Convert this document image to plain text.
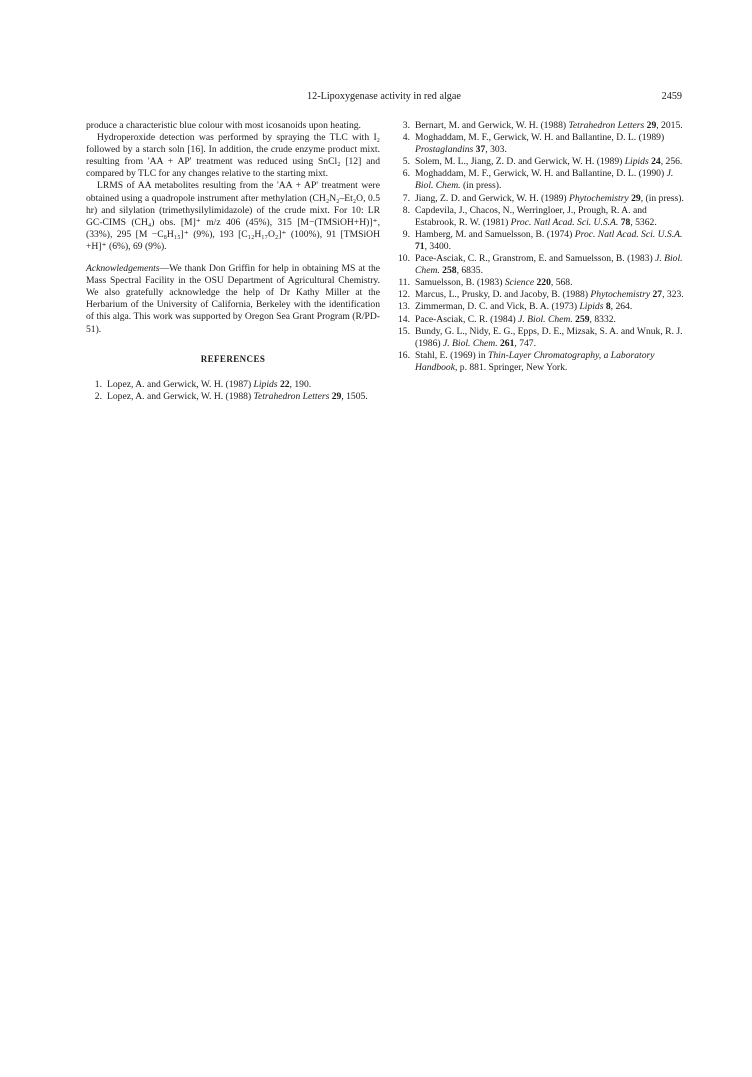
12-Lipoxygenase activity in red algae	2459

produce a characteristic blue colour with most icosanoids upon heating.

Hydroperoxide detection was performed by spraying the TLC with I₂ followed by a starch soln [16]. In addition, the crude enzyme product mixt. resulting from 'AA + AP' treatment was reduced using SnCl₂ [12] and compared by TLC for any changes relative to the starting mixt.

LRMS of AA metabolites resulting from the 'AA + AP' treatment were obtained using a quadropole instrument after methylation (CH₂N₂–Et₂O, 0.5 hr) and silylation (trimethysilylimidazole) of the crude mixt. For 10: LR GC-CIMS (CH₄) obs. [M]⁺ m/z 406 (45%), 315 [M−(TMSiOH+H)]⁺, (33%), 295 [M −C₈H₁₅]⁺ (9%), 193 [C₁₂H₁₇O₂]⁺ (100%), 91 [TMSiOH +H]⁺ (6%), 69 (9%).

Acknowledgements—We thank Don Griffin for help in obtaining MS at the Mass Spectral Facility in the OSU Department of Agricultural Chemistry. We also gratefully acknowledge the help of Dr Kathy Miller at the Herbarium of the University of California, Berkeley with the identification of this alga. This work was supported by Oregon Sea Grant Program (R/PD-51).

REFERENCES
1. Lopez, A. and Gerwick, W. H. (1987) Lipids 22, 190.
2. Lopez, A. and Gerwick, W. H. (1988) Tetrahedron Letters 29, 1505.
3. Bernart, M. and Gerwick, W. H. (1988) Tetrahedron Letters 29, 2015.
4. Moghaddam, M. F., Gerwick, W. H. and Ballantine, D. L. (1989) Prostaglandins 37, 303.
5. Solem, M. L., Jiang, Z. D. and Gerwick, W. H. (1989) Lipids 24, 256.
6. Moghaddam, M. F., Gerwick, W. H. and Ballantine, D. L. (1990) J. Biol. Chem. (in press).
7. Jiang, Z. D. and Gerwick, W. H. (1989) Phytochemistry 29, (in press).
8. Capdevila, J., Chacos, N., Werringloer, J., Prough, R. A. and Estabrook, R. W. (1981) Proc. Natl Acad. Sci. U.S.A. 78, 5362.
9. Hamberg, M. and Samuelsson, B. (1974) Proc. Natl Acad. Sci. U.S.A. 71, 3400.
10. Pace-Asciak, C. R., Granstrom, E. and Samuelsson, B. (1983) J. Biol. Chem. 258, 6835.
11. Samuelsson, B. (1983) Science 220, 568.
12. Marcus, L., Prusky, D. and Jacoby, B. (1988) Phytochemistry 27, 323.
13. Zimmerman, D. C. and Vick, B. A. (1973) Lipids 8, 264.
14. Pace-Asciak, C. R. (1984) J. Biol. Chem. 259, 8332.
15. Bundy, G. L., Nidy, E. G., Epps, D. E., Mizsak, S. A. and Wnuk, R. J. (1986) J. Biol. Chem. 261, 747.
16. Stahl, E. (1969) in Thin-Layer Chromatography, a Laboratory Handbook, p. 881. Springer, New York.
